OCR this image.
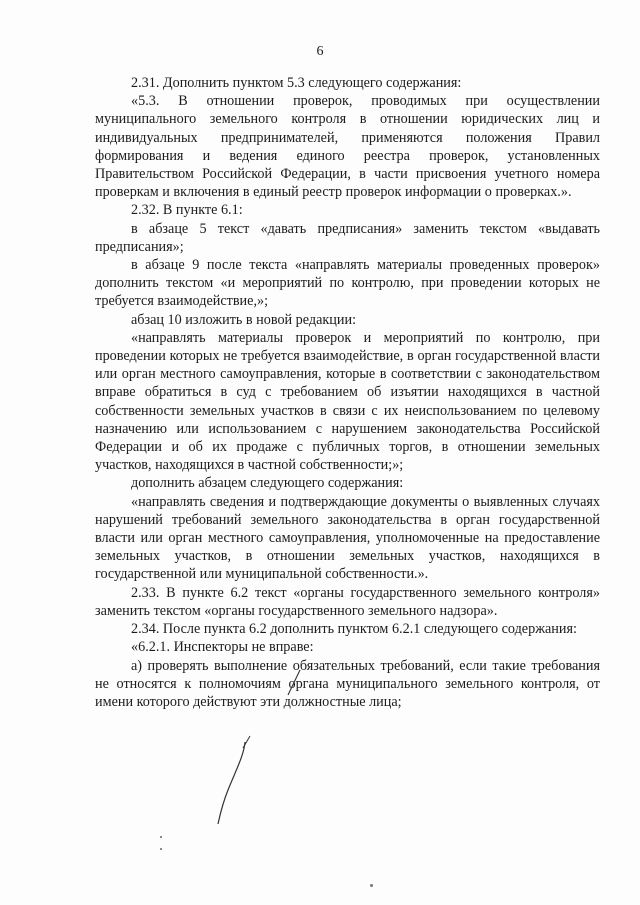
6

2.31. Дополнить пунктом 5.3 следующего содержания:

«5.3. В отношении проверок, проводимых при осуществлении муниципального земельного контроля в отношении юридических лиц и индивидуальных предпринимателей, применяются положения Правил формирования и ведения единого реестра проверок, установленных Правительством Российской Федерации, в части присвоения учетного номера проверкам и включения в единый реестр проверок информации о проверках.».

2.32. В пункте 6.1:

в абзаце 5 текст «давать предписания» заменить текстом «выдавать предписания»;

в абзаце 9 после текста «направлять материалы проведенных проверок» дополнить текстом «и мероприятий по контролю, при проведении которых не требуется взаимодействие,»;

абзац 10 изложить в новой редакции:

«направлять материалы проверок и мероприятий по контролю, при проведении которых не требуется взаимодействие, в орган государственной власти или орган местного самоуправления, которые в соответствии с законодательством вправе обратиться в суд с требованием об изъятии находящихся в частной собственности земельных участков в связи с их неиспользованием по целевому назначению или использованием с нарушением законодательства Российской Федерации и об их продаже с публичных торгов, в отношении земельных участков, находящихся в частной собственности;»;

дополнить абзацем следующего содержания:

«направлять сведения и подтверждающие документы о выявленных случаях нарушений требований земельного законодательства в орган государственной власти или орган местного самоуправления, уполномоченные на предоставление земельных участков, в отношении земельных участков, находящихся в государственной или муниципальной собственности.».

2.33. В пункте 6.2 текст «органы государственного земельного контроля» заменить текстом «органы государственного земельного надзора».

2.34. После пункта 6.2 дополнить пунктом 6.2.1 следующего содержания:

«6.2.1. Инспекторы не вправе:

а) проверять выполнение обязательных требований, если такие требования не относятся к полномочиям органа муниципального земельного контроля, от имени которого действуют эти должностные лица;
